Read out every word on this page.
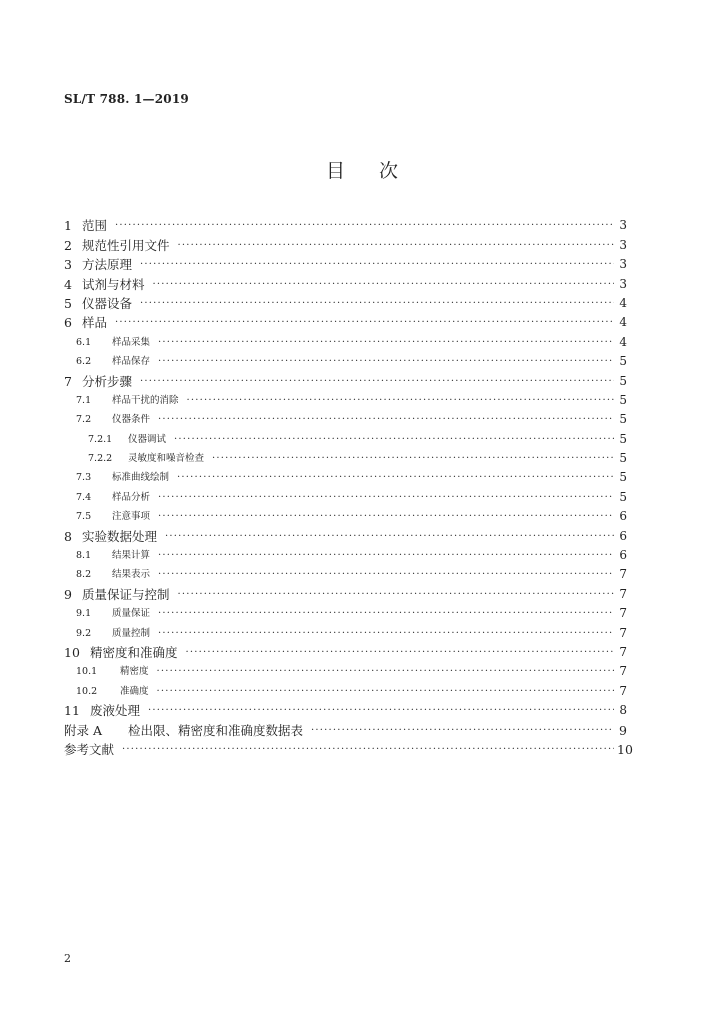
SL/T 788. 1—2019
目次
1 范围 ·····	3
2 规范性引用文件 ·····	3
3 方法原理 ·····	3
4 试剂与材料 ·····	3
5 仪器设备 ·····	4
6 样品 ·····	4
6.1	样品采集 ·····	4
6.2	样品保存 ·····	5
7 分析步骤 ·····	5
7.1	样品干扰的消除 ·····	5
7.2	仪器条件 ·····	5
7.2.1	仪器调试 ·····	5
7.2.2	灵敏度和噪音检查 ·····	5
7.3	标准曲线绘制 ·····	5
7.4	样品分析 ·····	5
7.5	注意事项 ·····	6
8 实验数据处理 ·····	6
8.1	结果计算 ·····	6
8.2	结果表示 ·····	7
9 质量保证与控制 ·····	7
9.1	质量保证 ·····	7
9.2	质量控制 ·····	7
10 精密度和准确度 ·····	7
10.1	精密度 ·····	7
10.2	准确度 ·····	7
11 废液处理 ·····	8
附录 A	检出限、精密度和准确度数据表 ·····	9
参考文献 ·····	10
2
